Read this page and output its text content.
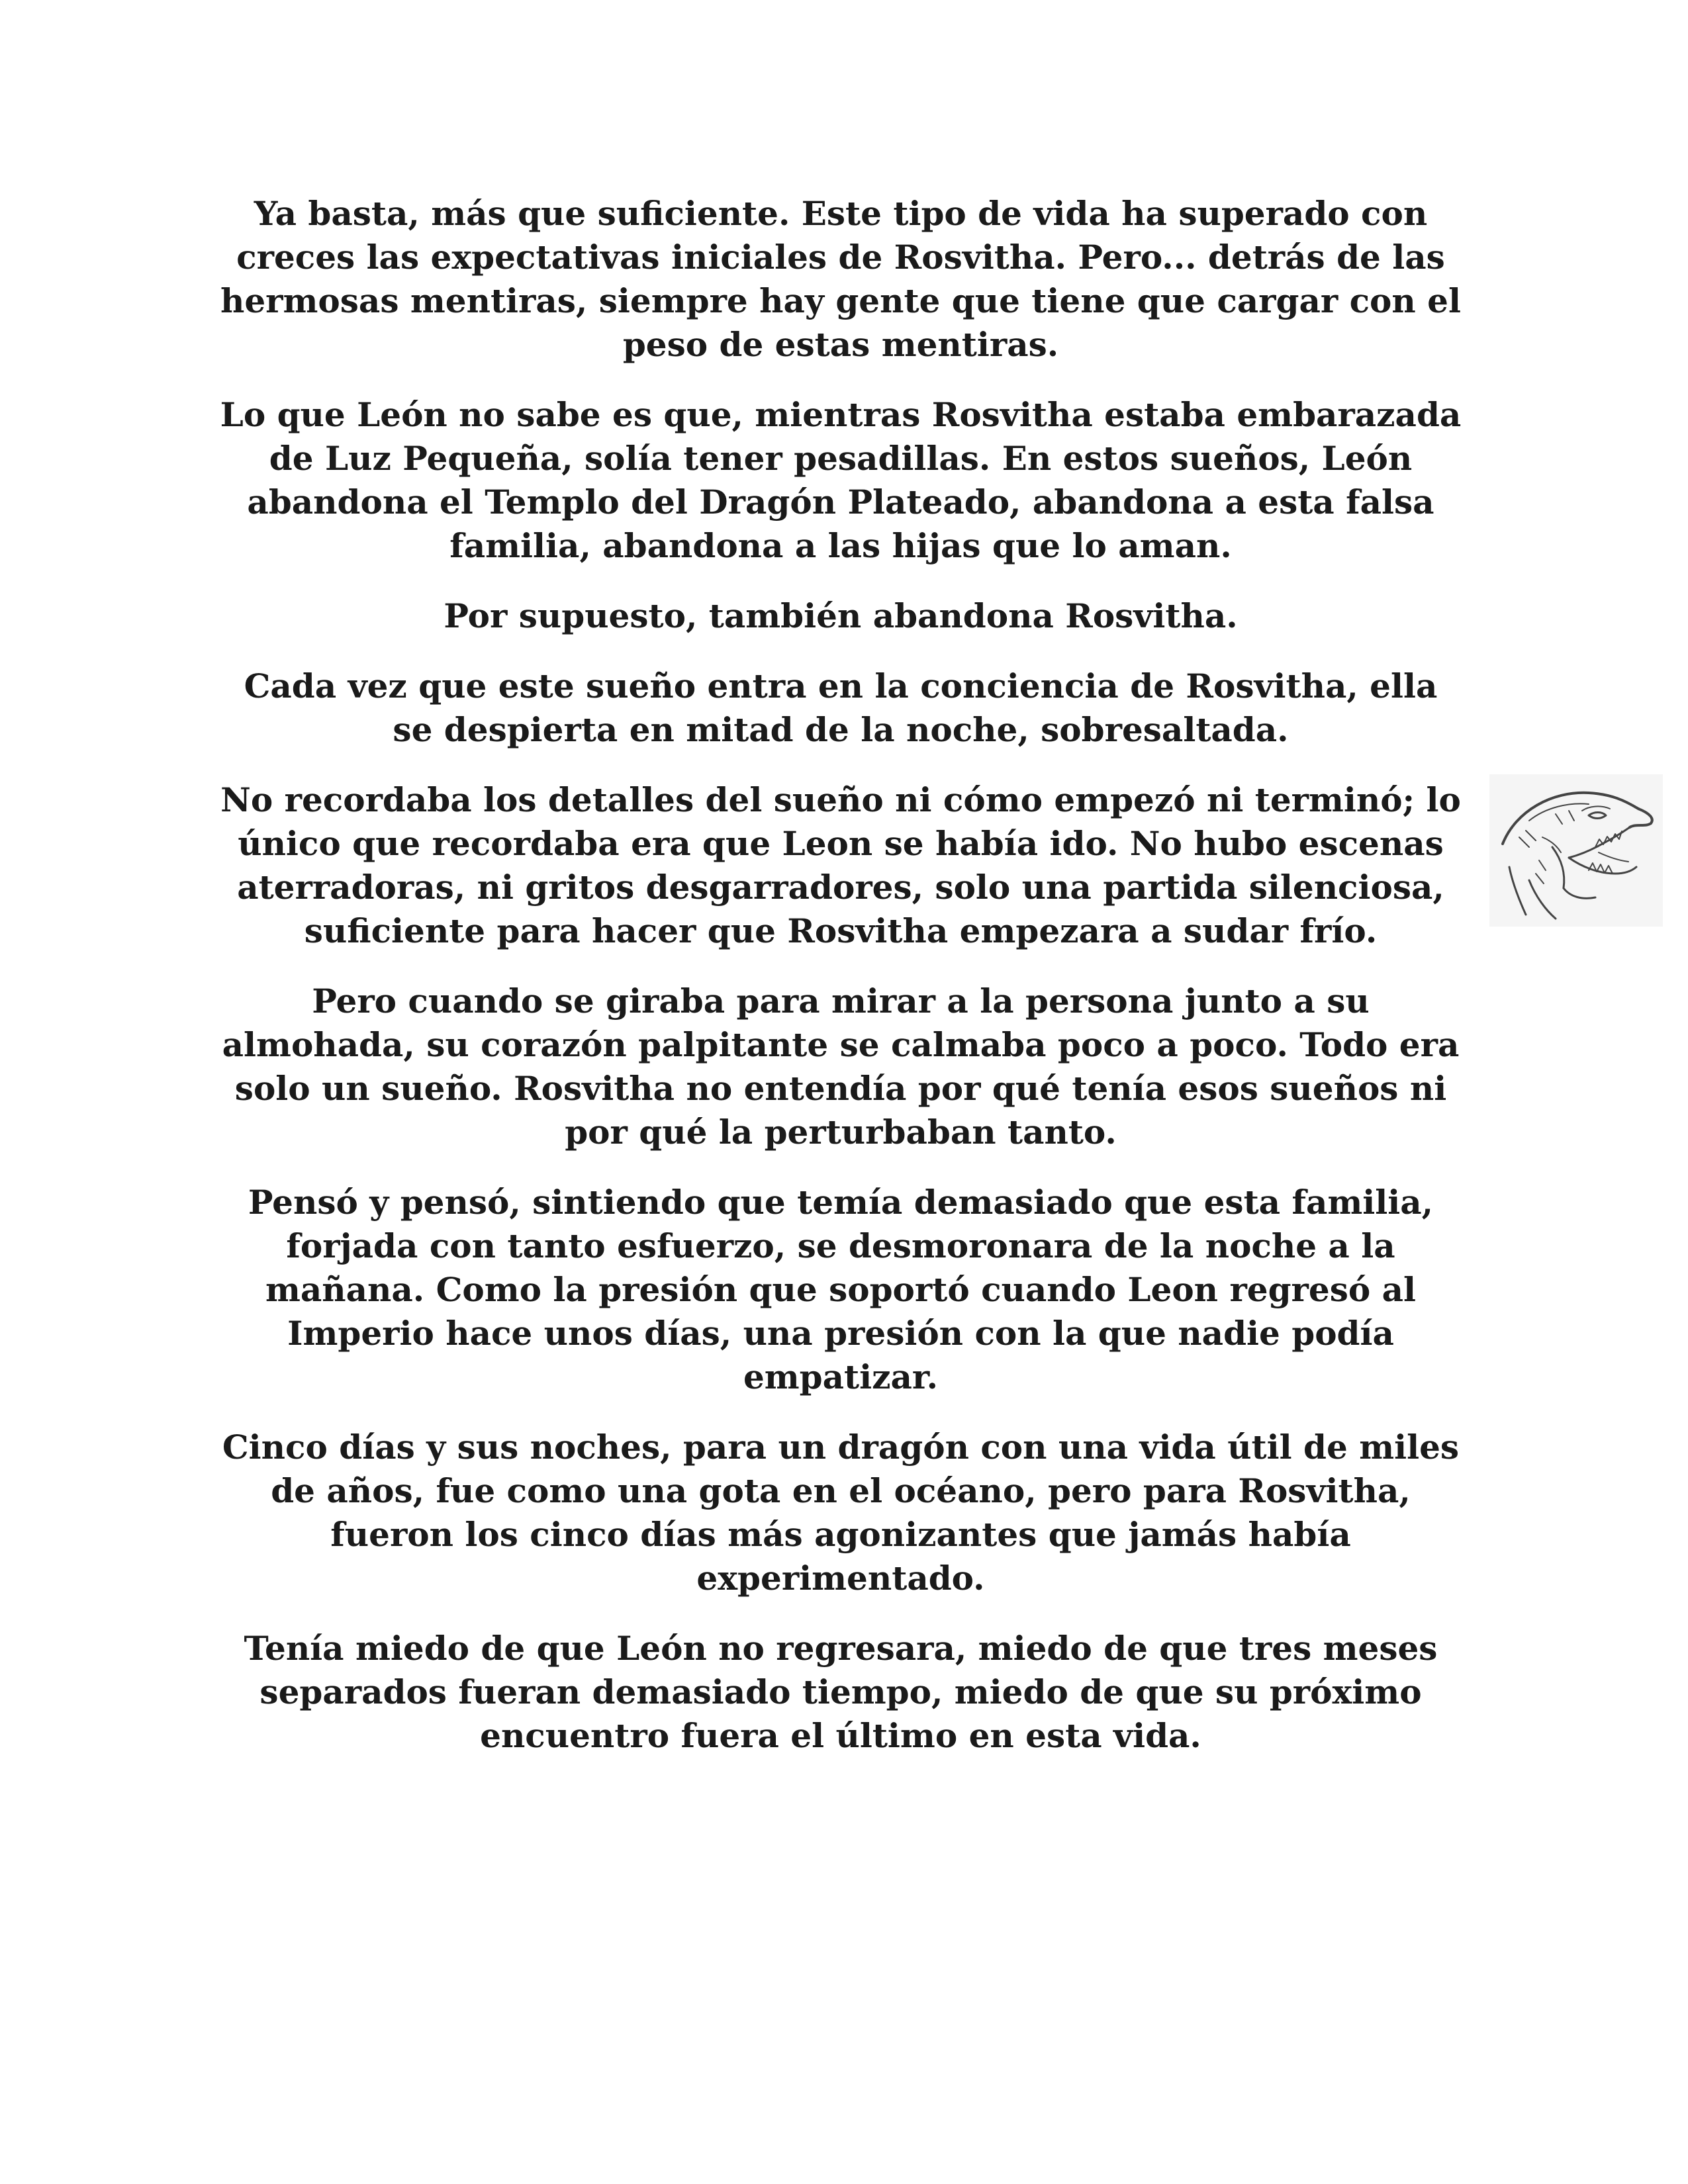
Ya basta, más que suficiente. Este tipo de vida ha superado con creces las expectativas iniciales de Rosvitha. Pero... detrás de las hermosas mentiras, siempre hay gente que tiene que cargar con el peso de estas mentiras.

Lo que León no sabe es que, mientras Rosvitha estaba embarazada de Luz Pequeña, solía tener pesadillas. En estos sueños, León abandona el Templo del Dragón Plateado, abandona a esta falsa familia, abandona a las hijas que lo aman.

Por supuesto, también abandona Rosvitha.

Cada vez que este sueño entra en la conciencia de Rosvitha, ella se despierta en mitad de la noche, sobresaltada.

No recordaba los detalles del sueño ni cómo empezó ni terminó; lo único que recordaba era que Leon se había ido. No hubo escenas aterradoras, ni gritos desgarradores, solo una partida silenciosa, suficiente para hacer que Rosvitha empezara a sudar frío.

Pero cuando se giraba para mirar a la persona junto a su almohada, su corazón palpitante se calmaba poco a poco. Todo era solo un sueño. Rosvitha no entendía por qué tenía esos sueños ni por qué la perturbaban tanto.

Pensó y pensó, sintiendo que temía demasiado que esta familia, forjada con tanto esfuerzo, se desmoronara de la noche a la mañana. Como la presión que soportó cuando Leon regresó al Imperio hace unos días, una presión con la que nadie podía empatizar.

Cinco días y sus noches, para un dragón con una vida útil de miles de años, fue como una gota en el océano, pero para Rosvitha, fueron los cinco días más agonizantes que jamás había experimentado.

Tenía miedo de que León no regresara, miedo de que tres meses separados fueran demasiado tiempo, miedo de que su próximo encuentro fuera el último en esta vida.
